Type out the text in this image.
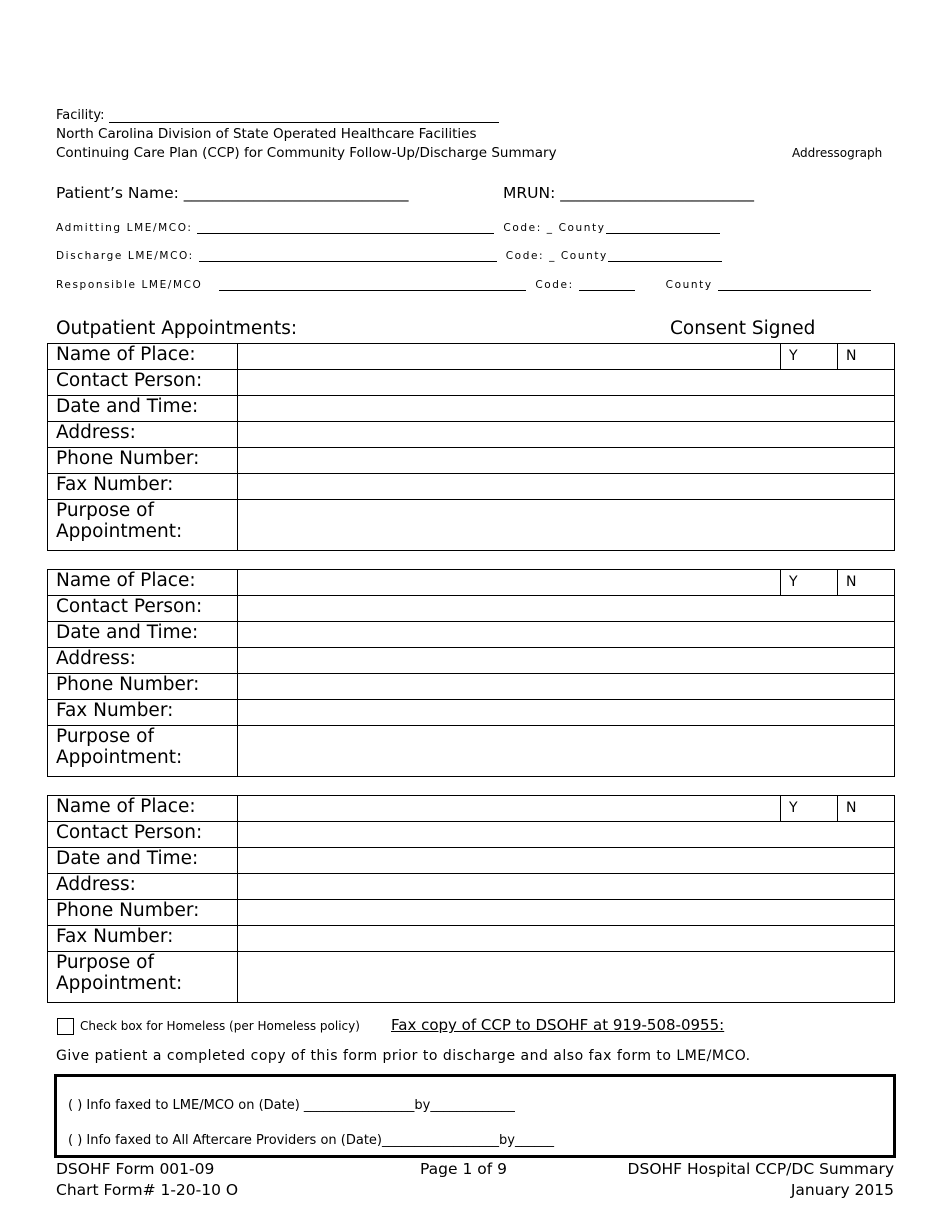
Facility:
North Carolina Division of State Operated Healthcare Facilities
Continuing Care Plan (CCP) for Community Follow-Up/Discharge Summary	Addressograph
Patient’s Name: _____________________________	MRUN: _________________________
Admitting LME/MCO:	Code: _ County
Discharge LME/MCO:	Code: _ County
Responsible LME/MCO	Code:	County
Outpatient Appointments:	Consent Signed
Name of Place:		Y	N
Contact Person:			
Date and Time:			
Address:			
Phone Number:			
Fax Number:			
Purpose of
Appointment:			
Name of Place:		Y	N
Contact Person:			
Date and Time:			
Address:			
Phone Number:			
Fax Number:			
Purpose of
Appointment:			
Name of Place:		Y	N
Contact Person:			
Date and Time:			
Address:			
Phone Number:			
Fax Number:			
Purpose of
Appointment:			
Check box for Homeless (per Homeless policy) Fax copy of CCP to DSOHF at 919-508-0955:
Give patient a completed copy of this form prior to discharge and also fax form to LME/MCO.
( ) Info faxed to LME/MCO on (Date) _________________by_____________
( ) Info faxed to All Aftercare Providers on (Date)__________________by______
DSOHF Form 001-09
Chart Form# 1-20-10 O
Page 1 of 9	DSOHF Hospital CCP/DC Summary
January 2015
